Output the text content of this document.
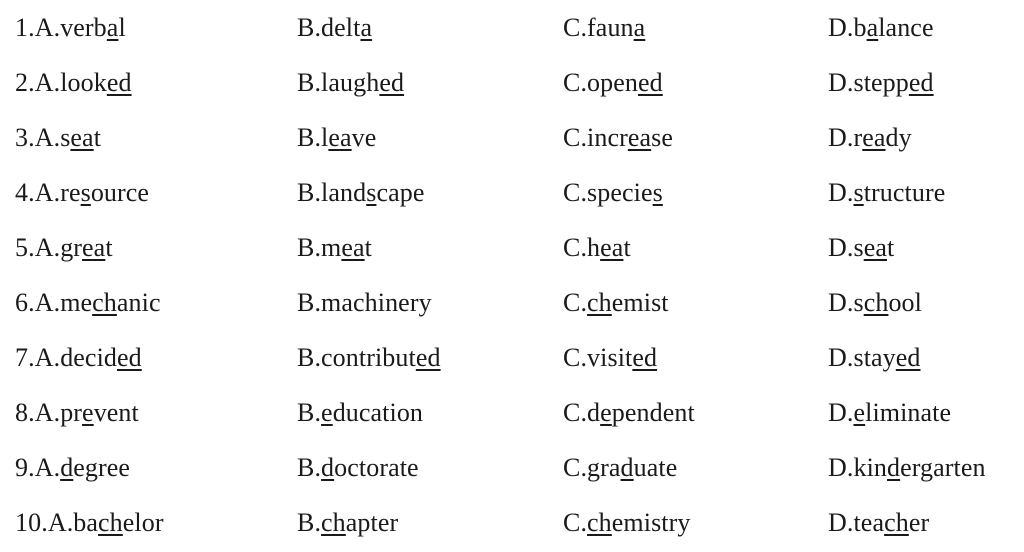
1.A.verbal	B.delta	C.fauna	D.balance
2.A.looked	B.laughed	C.opened	D.stepped
3.A.seat	B.leave	C.increase	D.ready
4.A.resource	B.landscape	C.species	D.structure
5.A.great	B.meat	C.heat	D.seat
6.A.mechanic	B.machinery	C.chemist	D.school
7.A.decided	B.contributed	C.visited	D.stayed
8.A.prevent	B.education	C.dependent	D.eliminate
9.A.degree	B.doctorate	C.graduate	D.kindergarten
10.A.bachelor	B.chapter	C.chemistry	D.teacher
